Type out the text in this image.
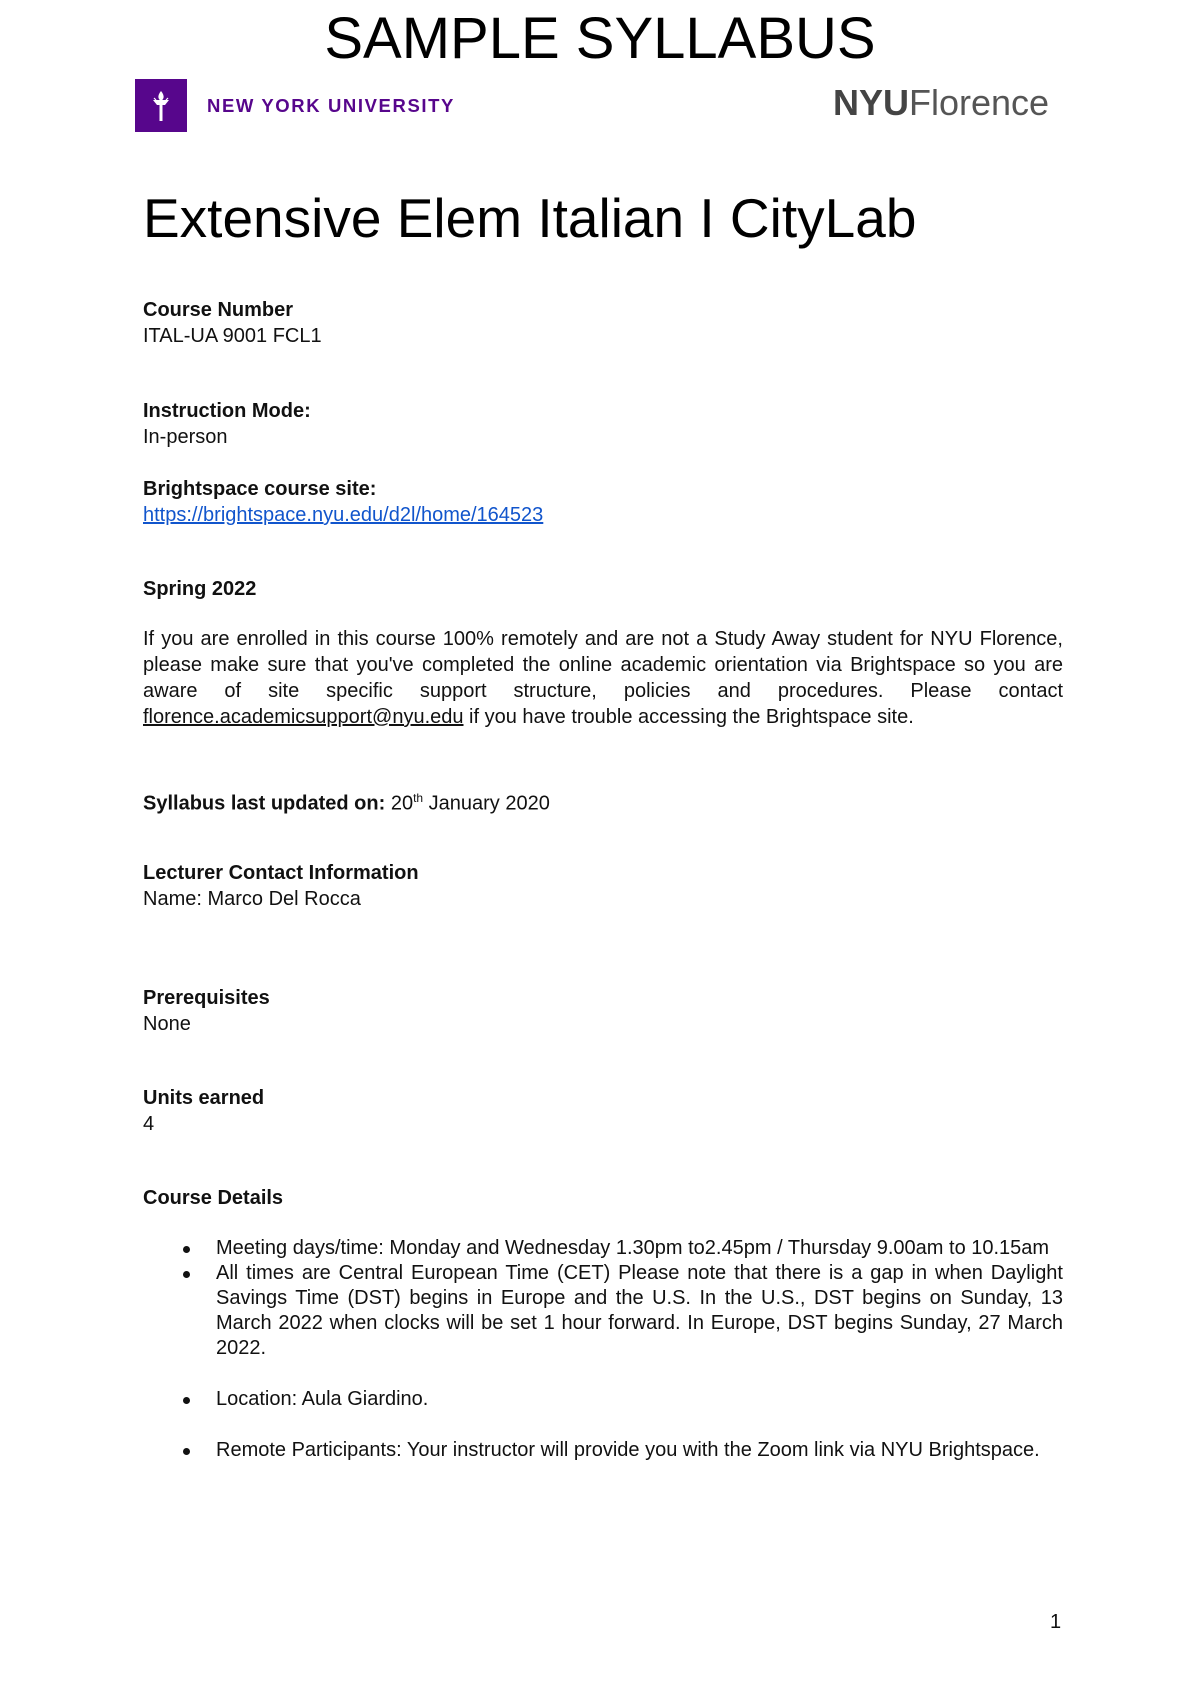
SAMPLE SYLLABUS
NEW YORK UNIVERSITY	NYUFlorence
Extensive Elem Italian I CityLab
Course Number
ITAL-UA 9001 FCL1
Instruction Mode:
In-person
Brightspace course site:
https://brightspace.nyu.edu/d2l/home/164523
Spring 2022
If you are enrolled in this course 100% remotely and are not a Study Away student for NYU Florence, please make sure that you've completed the online academic orientation via Brightspace so you are aware of site specific support structure, policies and procedures. Please contact florence.academicsupport@nyu.edu if you have trouble accessing the Brightspace site.
Syllabus last updated on: 20th January 2020
Lecturer Contact Information
Name: Marco Del Rocca
Prerequisites
None
Units earned
4
Course Details
Meeting days/time: Monday and Wednesday 1.30pm to2.45pm / Thursday 9.00am to 10.15am
All times are Central European Time (CET) Please note that there is a gap in when Daylight Savings Time (DST) begins in Europe and the U.S. In the U.S., DST begins on Sunday, 13 March 2022 when clocks will be set 1 hour forward. In Europe, DST begins Sunday, 27 March 2022.
Location: Aula Giardino.
Remote Participants: Your instructor will provide you with the Zoom link via NYU Brightspace.
1
